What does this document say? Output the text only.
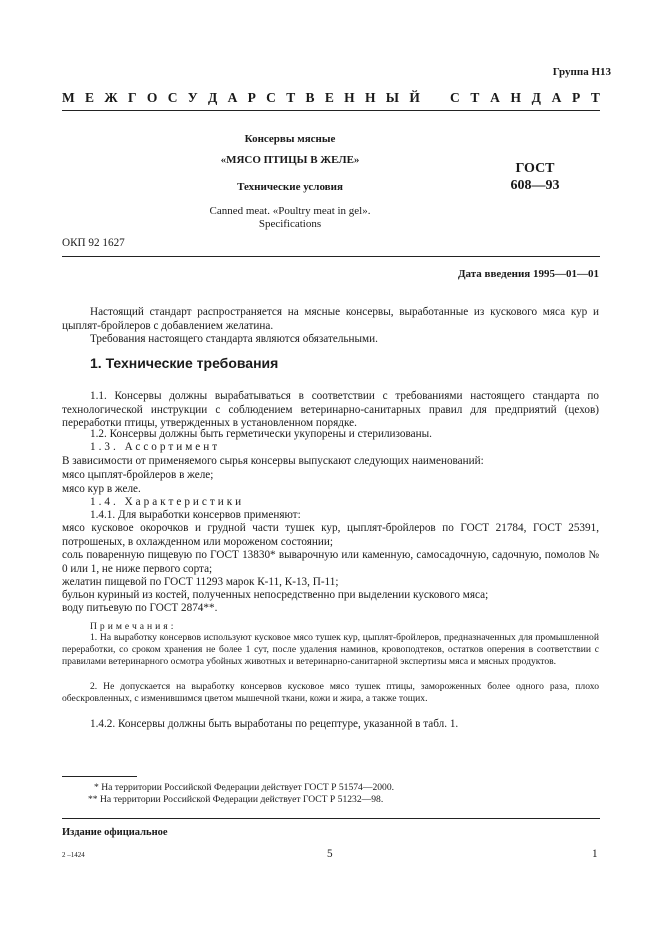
Группа Н13
М Е Ж Г О С У Д А Р С Т В Е Н Н Ы Й С Т А Н Д А Р Т
Консервы мясные
«МЯСО ПТИЦЫ В ЖЕЛЕ»
Технические условия
Canned meat. «Poultry meat in gel».
Specifications
ГОСТ
608—93
ОКП 92 1627
Дата введения 1995—01—01
Настоящий стандарт распространяется на мясные консервы, выработанные из кускового мяса кур и цыплят-бройлеров с добавлением желатина.
Требования настоящего стандарта являются обязательными.
1. Технические требования
1.1. Консервы должны вырабатываться в соответствии с требованиями настоящего стандарта по технологической инструкции с соблюдением ветеринарно-санитарных правил для предприятий (цехов) переработки птицы, утвержденных в установленном порядке.
1.2. Консервы должны быть герметически укупорены и стерилизованы.
1.3. Ассортимент
В зависимости от применяемого сырья консервы выпускают следующих наименований:
мясо цыплят-бройлеров в желе;
мясо кур в желе.
1.4. Характеристики
1.4.1. Для выработки консервов применяют:
мясо кусковое окорочков и грудной части тушек кур, цыплят-бройлеров по ГОСТ 21784, ГОСТ 25391, потрошеных, в охлажденном или мороженом состоянии;
соль поваренную пищевую по ГОСТ 13830* выварочную или каменную, самосадочную, садочную, помолов № 0 или 1, не ниже первого сорта;
желатин пищевой по ГОСТ 11293 марок К-11, К-13, П-11;
бульон куриный из костей, полученных непосредственно при выделении кускового мяса;
воду питьевую по ГОСТ 2874**.
Примечания:
1. На выработку консервов используют кусковое мясо тушек кур, цыплят-бройлеров, предназначенных для промышленной переработки, со сроком хранения не более 1 сут, после удаления наминов, кровоподтеков, остатков оперения в соответствии с правилами ветеринарного осмотра убойных животных и ветеринарно-санитарной экспертизы мяса и мясных продуктов.
2. Не допускается на выработку консервов кусковое мясо тушек птицы, замороженных более одного раза, плохо обескровленных, с изменившимся цветом мышечной ткани, кожи и жира, а также тощих.
1.4.2. Консервы должны быть выработаны по рецептуре, указанной в табл. 1.
* На территории Российской Федерации действует ГОСТ Р 51574—2000.
** На территории Российской Федерации действует ГОСТ Р 51232—98.
Издание официальное
2 –1424	5	1
